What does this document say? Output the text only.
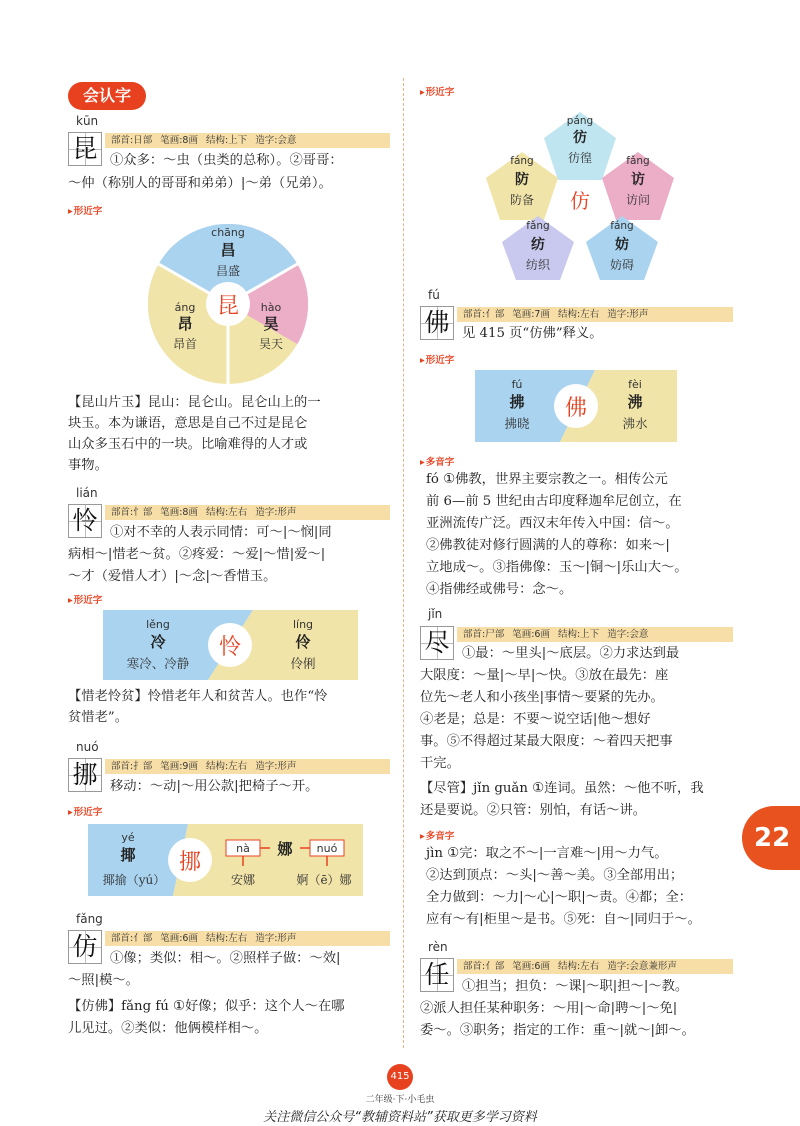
会认字
kūn
昆	部首:日部 笔画:8画 结构:上下 造字:会意
①众多：～虫（虫类的总称）。②哥哥：
～仲（称别人的哥哥和弟弟）|～弟（兄弟）。
▸ 形近字
昆
chāng
昌
昌盛
áng
昂
昂首
hào
昊
昊天
【昆山片玉】昆山：昆仑山。昆仑山上的一
块玉。本为谦语，意思是自己不过是昆仑
山众多玉石中的一块。比喻难得的人才或
事物。
lián
怜	部首:忄部 笔画:8画 结构:左右 造字:形声
①对不幸的人表示同情：可～|～悯|同
病相～|惜老～贫。②疼爱：～爱|～惜|爱～|
～才（爱惜人才）|～念|～香惜玉。
▸ 形近字
怜
lěng
冷
寒冷、冷静
líng
伶
伶俐
【惜老怜贫】怜惜老年人和贫苦人。也作“怜
贫惜老”。
nuó
挪	部首:扌部 笔画:9画 结构:左右 造字:形声
移动：～动|～用公款|把椅子～开。
▸ 形近字
挪
yé
揶
揶揄（yú）
nà 娜 nuó
安娜	婀（ē）娜
fǎng
仿	部首:亻部 笔画:6画 结构:左右 造字:形声
①像；类似：相～。②照样子做：～效|
～照|模～。
【仿佛】fǎng fú ①好像；似乎：这个人～在哪
儿见过。②类似：他俩模样相～。
▸ 形近字
仿
páng
彷
彷徨
fáng
防
防备
fǎng
访
访问
fǎng
纺
纺织
fáng
妨
妨碍
fú
佛	部首:亻部 笔画:7画 结构:左右 造字:形声
见 415 页“仿佛”释义。
▸ 形近字
佛
fú
拂
拂晓
fèi
沸
沸水
▸ 多音字
fó ①佛教，世界主要宗教之一。相传公元
前 6—前 5 世纪由古印度释迦牟尼创立，在
亚洲流传广泛。西汉末年传入中国：信～。
②佛教徒对修行圆满的人的尊称：如来～|
立地成～。③指佛像：玉～|铜～|乐山大～。
④指佛经或佛号：念～。
jǐn
尽	部首:尸部 笔画:6画 结构:上下 造字:会意
①最：～里头|～底层。②力求达到最
大限度：～量|～早|～快。③放在最先：座
位先～老人和小孩坐|事情～要紧的先办。
④老是；总是：不要～说空话|他～想好
事。⑤不得超过某最大限度：～着四天把事
干完。
【尽管】jǐn guǎn ①连词。虽然：～他不听，我
还是要说。②只管：别怕，有话～讲。
▸ 多音字
jìn ①完：取之不～|一言难～|用～力气。
②达到顶点：～头|～善～美。③全部用出；
全力做到：～力|～心|～职|～责。④都；全：
应有～有|柜里～是书。⑤死：自～|同归于～。
rèn
任	部首:亻部 笔画:6画 结构:左右 造字:会意兼形声
①担当；担负：～课|～职|担～|～教。
②派人担任某种职务：～用|～命|聘～|～免|
委～。③职务；指定的工作：重～|就～|卸～。
22
415
二年级·下·小毛虫
关注微信公众号“教辅资料站”获取更多学习资料
